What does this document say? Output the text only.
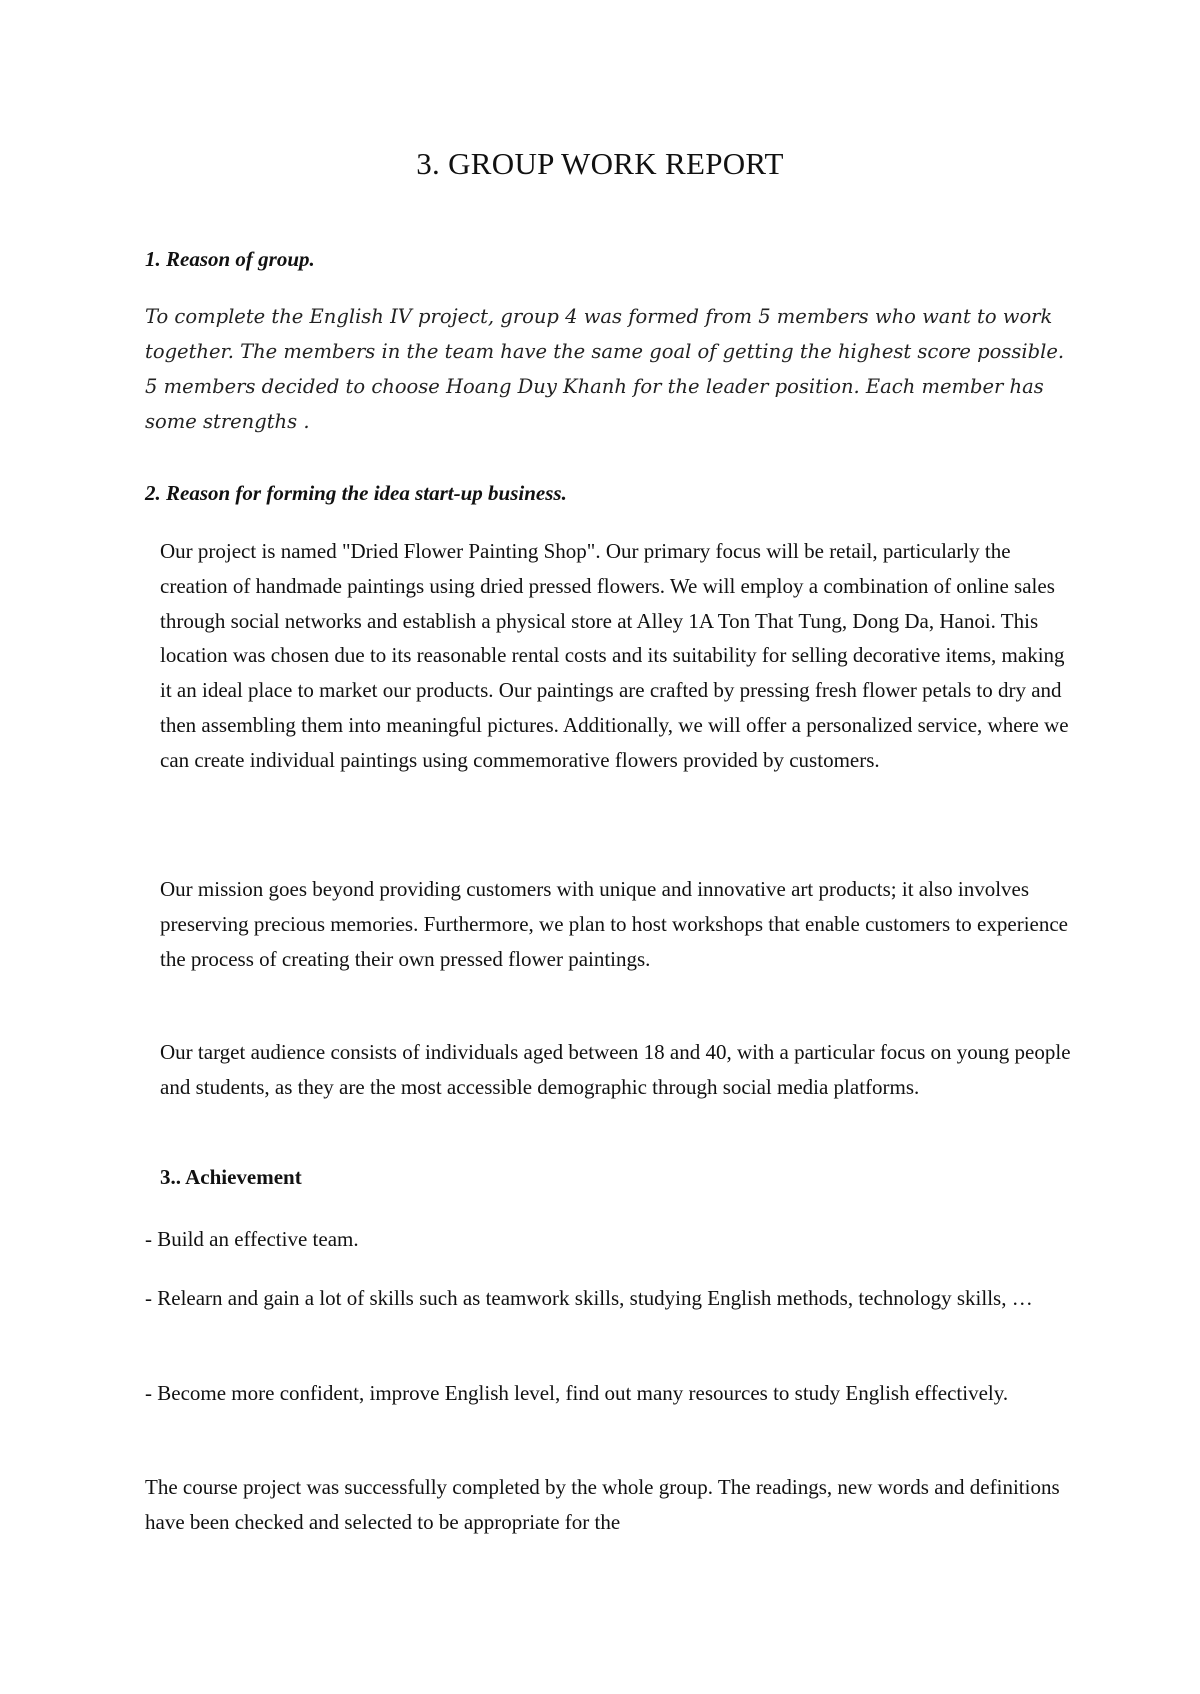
3. GROUP WORK REPORT
1. Reason of group.

To complete the English IV project, group 4 was formed from 5 members who want to work together. The members in the team have the same goal of getting the highest score possible. 5 members decided to choose Hoang Duy Khanh for the leader position. Each member has some strengths .

2. Reason for forming the idea start-up business.

Our project is named "Dried Flower Painting Shop". Our primary focus will be retail, particularly the creation of handmade paintings using dried pressed flowers. We will employ a combination of online sales through social networks and establish a physical store at Alley 1A Ton That Tung, Dong Da, Hanoi. This location was chosen due to its reasonable rental costs and its suitability for selling decorative items, making it an ideal place to market our products. Our paintings are crafted by pressing fresh flower petals to dry and then assembling them into meaningful pictures. Additionally, we will offer a personalized service, where we can create individual paintings using commemorative flowers provided by customers.

Our mission goes beyond providing customers with unique and innovative art products; it also involves preserving precious memories. Furthermore, we plan to host workshops that enable customers to experience the process of creating their own pressed flower paintings.

Our target audience consists of individuals aged between 18 and 40, with a particular focus on young people and students, as they are the most accessible demographic through social media platforms.

3.. Achievement

- Build an effective team.

- Relearn and gain a lot of skills such as teamwork skills, studying English methods, technology skills, …

- Become more confident, improve English level, find out many resources to study English effectively.

The course project was successfully completed by the whole group. The readings, new words and definitions have been checked and selected to be appropriate for the
